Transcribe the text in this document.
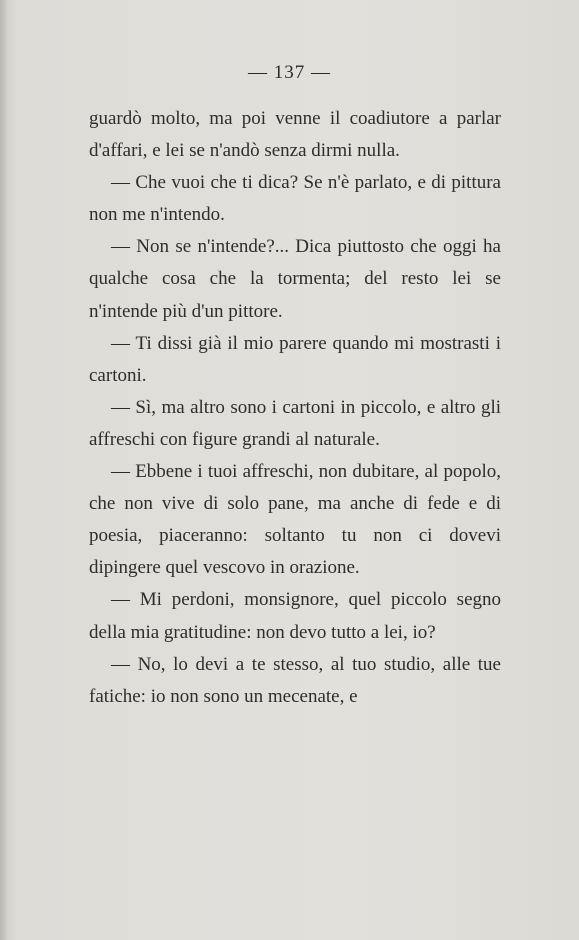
— 137 —

guardò molto, ma poi venne il coadiutore a parlar d'affari, e lei se n'andò senza dirmi nulla.

— Che vuoi che ti dica? Se n'è parlato, e di pittura non me n'intendo.

— Non se n'intende?... Dica piuttosto che oggi ha qualche cosa che la tormenta; del resto lei se n'intende più d'un pittore.

— Ti dissi già il mio parere quando mi mostrasti i cartoni.

— Sì, ma altro sono i cartoni in piccolo, e altro gli affreschi con figure grandi al naturale.

— Ebbene i tuoi affreschi, non dubitare, al popolo, che non vive di solo pane, ma anche di fede e di poesia, piaceranno: soltanto tu non ci dovevi dipingere quel vescovo in orazione.

— Mi perdoni, monsignore, quel piccolo segno della mia gratitudine: non devo tutto a lei, io?

— No, lo devi a te stesso, al tuo studio, alle tue fatiche: io non sono un mecenate, e
